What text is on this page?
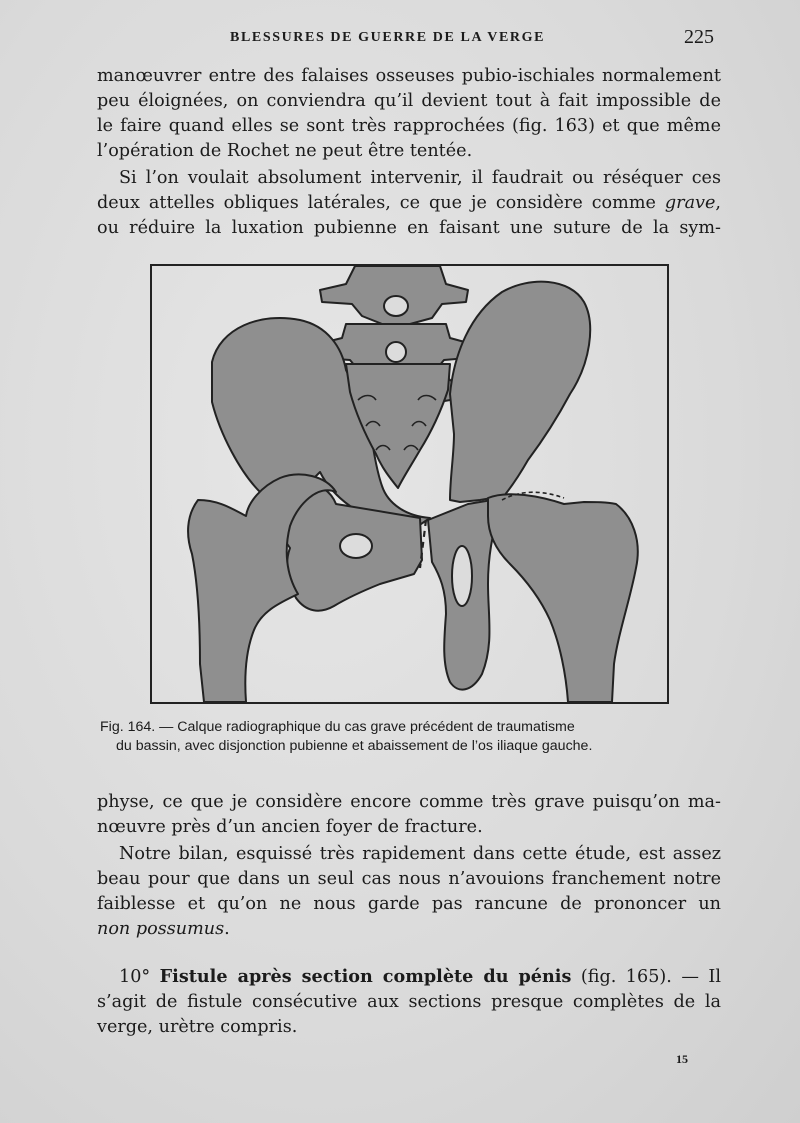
BLESSURES DE GUERRE DE LA VERGE	225
manœuvrer entre des falaises osseuses pubio-ischiales normalement
peu éloignées, on conviendra qu’il devient tout à fait impossible de
le faire quand elles se sont très rapprochées (fig. 163) et que même
l’opération de Rochet ne peut être tentée.
Si l’on voulait absolument intervenir, il faudrait ou réséquer ces
deux attelles obliques latérales, ce que je considère comme grave,
ou réduire la luxation pubienne en faisant une suture de la sym-
Fig. 164. — Calque radiographique du cas grave précédent de traumatisme
du bassin, avec disjonction pubienne et abaissement de l’os iliaque gauche.
physe, ce que je considère encore comme très grave puisqu’on ma-
nœuvre près d’un ancien foyer de fracture.
Notre bilan, esquissé très rapidement dans cette étude, est assez
beau pour que dans un seul cas nous n’avouions franchement notre
faiblesse et qu’on ne nous garde pas rancune de prononcer un
non possumus.
10° Fistule après section complète du pénis (fig. 165). — Il
s’agit de fistule consécutive aux sections presque complètes de la
verge, urètre compris.
15
